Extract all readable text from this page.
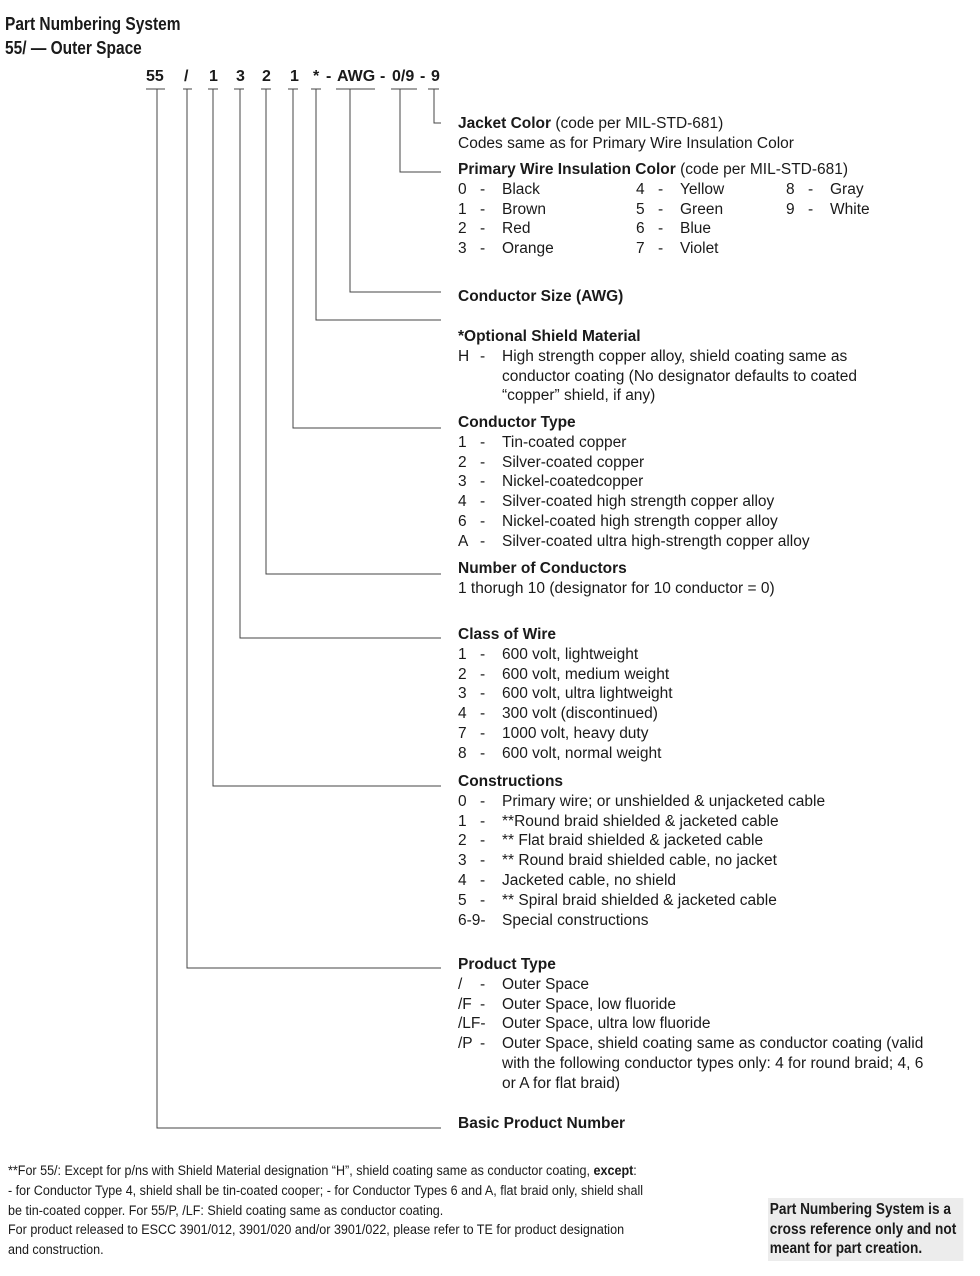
Part Numbering System
55/ — Outer Space
55 / 1 3 2 1 * - AWG - 0/9 - 9
Jacket Color (code per MIL-STD-681)
Codes same as for Primary Wire Insulation Color
Primary Wire Insulation Color (code per MIL-STD-681)
0 -	Black
1 -	Brown
2 -	Red
3 -	Orange
4 -	Yellow
5 -	Green
6 -	Blue
7 -	Violet
8 -	Gray
9 -	White
Conductor Size (AWG)
*Optional Shield Material
H -	High strength copper alloy, shield coating same as conductor coating (No designator defaults to coated “copper” shield, if any)
Conductor Type
1 -	Tin-coated copper
2 -	Silver-coated copper
3 -	Nickel-coatedcopper
4 -	Silver-coated high strength copper alloy
6 -	Nickel-coated high strength copper alloy
A -	Silver-coated ultra high-strength copper alloy
Number of Conductors
1 thorugh 10 (designator for 10 conductor = 0)
Class of Wire
1 -	600 volt, lightweight
2 -	600 volt, medium weight
3 -	600 volt, ultra lightweight
4 -	300 volt (discontinued)
7 -	1000 volt, heavy duty
8 -	600 volt, normal weight
Constructions
0 -	Primary wire; or unshielded & unjacketed cable
1 -	**Round braid shielded & jacketed cable
2 -	** Flat braid shielded & jacketed cable
3 -	** Round braid shielded cable, no jacket
4 -	Jacketed cable, no shield
5 -	** Spiral braid shielded & jacketed cable
6-9-	Special constructions
Product Type
/	-	Outer Space
/F -	Outer Space, low fluoride
/LF-	Outer Space, ultra low fluoride
/P -	Outer Space, shield coating same as conductor coating (valid with the following conductor types only: 4 for round braid; 4, 6 or A for flat braid)
Basic Product Number
**For 55/: Except for p/ns with Shield Material designation “H”, shield coating same as conductor coating, except:
- for Conductor Type 4, shield shall be tin-coated cooper; - for Conductor Types 6 and A, flat braid only, shield shall
be tin-coated copper. For 55/P, /LF: Shield coating same as conductor coating.
For product released to ESCC 3901/012, 3901/020 and/or 3901/022, please refer to TE for product designation
and construction.
Part Numbering System is a cross reference only and not meant for part creation.
